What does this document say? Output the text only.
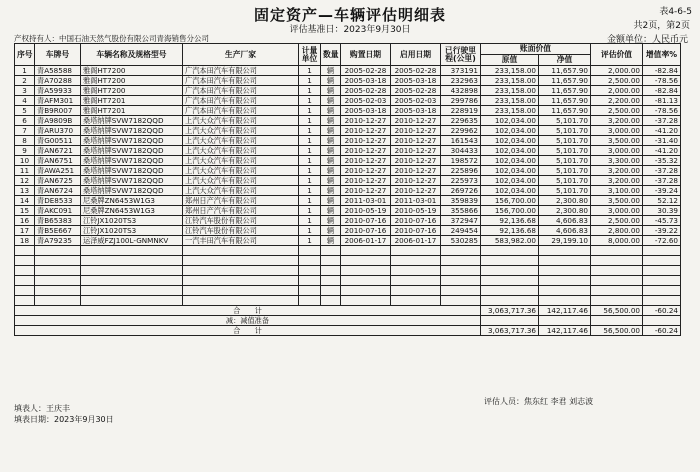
固定资产—车辆评估明细表	表4-6-5
评估基准日：2023年9月30日	共2页，第2页
产权持有人：中国石油天然气股份有限公司青海销售分公司	金额单位：人民币元
序号	车牌号	车辆名称及规格型号	生产厂家	计量单位	数量	购置日期	启用日期	已行驶里程(公里)	账面价值		评估价值	增值率%	
									原值	净值			
1	青A58588	雅阁HT7200	广汽本田汽车有限公司	1	辆	2005-02-28	2005-02-28	373191	233,158.00	11,657.90	2,000.00	-82.84	
2	青A70288	雅阁HT7200	广汽本田汽车有限公司	1	辆	2005-03-18	2005-03-18	232963	233,158.00	11,657.90	2,500.00	-78.56	
3	青A59933	雅阁HT7200	广汽本田汽车有限公司	1	辆	2005-02-28	2005-02-28	432898	233,158.00	11,657.90	2,000.00	-82.84	
4	青AFM301	雅阁HT7201	广汽本田汽车有限公司	1	辆	2005-02-03	2005-02-03	299786	233,158.00	11,657.90	2,200.00	-81.13	
5	青B9R007	雅阁HT7201	广汽本田汽车有限公司	1	辆	2005-03-18	2005-03-18	228919	233,158.00	11,657.90	2,500.00	-78.56	
6	青A9809B	桑塔纳牌SVW7182QQD	上汽大众汽车有限公司	1	辆	2010-12-27	2010-12-27	229635	102,034.00	5,101.70	3,200.00	-37.28	
7	青ARU370	桑塔纳牌SVW7182QQD	上汽大众汽车有限公司	1	辆	2010-12-27	2010-12-27	229962	102,034.00	5,101.70	3,000.00	-41.20	
8	青G00511	桑塔纳牌SVW7182QQD	上汽大众汽车有限公司	1	辆	2010-12-27	2010-12-27	161543	102,034.00	5,101.70	3,500.00	-31.40	
9	青AN6721	桑塔纳牌SVW7182QQD	上汽大众汽车有限公司	1	辆	2010-12-27	2010-12-27	304433	102,034.00	5,101.70	3,000.00	-41.20	
10	青AN6751	桑塔纳牌SVW7182QQD	上汽大众汽车有限公司	1	辆	2010-12-27	2010-12-27	198572	102,034.00	5,101.70	3,300.00	-35.32	
11	青AWA251	桑塔纳牌SVW7182QQD	上汽大众汽车有限公司	1	辆	2010-12-27	2010-12-27	225896	102,034.00	5,101.70	3,200.00	-37.28	
12	青AN6725	桑塔纳牌SVW7182QQD	上汽大众汽车有限公司	1	辆	2010-12-27	2010-12-27	225973	102,034.00	5,101.70	3,200.00	-37.28	
13	青AN6724	桑塔纳牌SVW7182QQD	上汽大众汽车有限公司	1	辆	2010-12-27	2010-12-27	269726	102,034.00	5,101.70	3,100.00	-39.24	
14	青DE8533	尼桑牌ZN6453W1G3	郑州日产汽车有限公司	1	辆	2011-03-01	2011-03-01	359839	156,700.00	2,300.80	3,500.00	52.12	
15	青AKC091	尼桑牌ZN6453W1G3	郑州日产汽车有限公司	1	辆	2010-05-19	2010-05-19	355866	156,700.00	2,300.80	3,000.00	30.39	
16	青B65383	江铃JX1020TS3	江铃汽车股份有限公司	1	辆	2010-07-16	2010-07-16	372947	92,136.68	4,606.83	2,500.00	-45.73	
17	青B5E667	江铃JX1020TS3	江铃汽车股份有限公司	1	辆	2010-07-16	2010-07-16	249454	92,136.68	4,606.83	2,800.00	-39.22	
18	青A79235	运泽威FZJ100L-GNMNKV	一汽丰田汽车有限公司	1	辆	2006-01-17	2006-01-17	530285	583,982.00	29,199.10	8,000.00	-72.60	

合　　计									3,063,717.36	142,117.46	56,500.00	-60.24	
减：减值准备													
合　　计									3,063,717.36	142,117.46	56,500.00	-60.24	
填表人：王庆丰
填表日期：2023年9月30日
评估人员：焦东红 李君 刘志波
